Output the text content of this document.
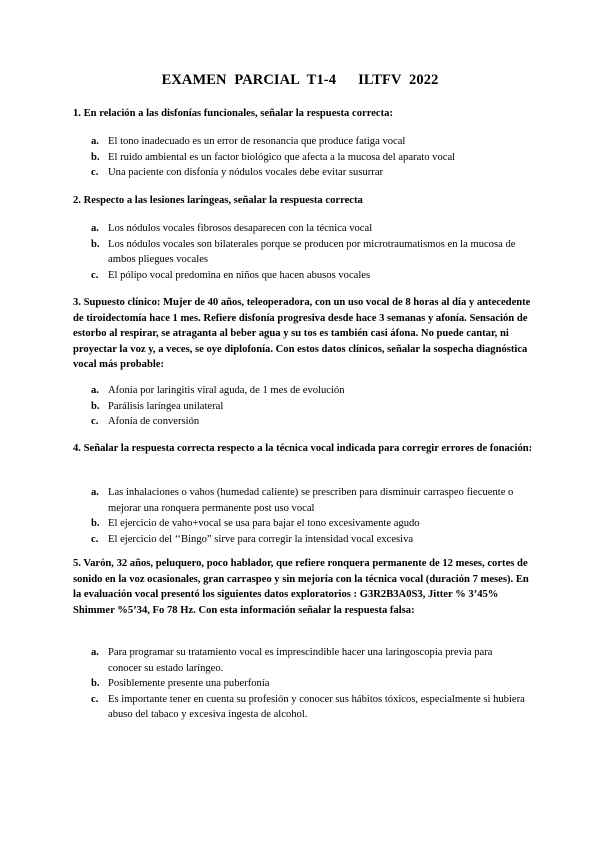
EXAMEN PARCIAL T1-4 ILTFV 2022
1. En relación a las disfonías funcionales, señalar la respuesta correcta:
a. El tono inadecuado es un error de resonancia que produce fatiga vocal
b. El ruido ambiental es un factor biológico que afecta a la mucosa del aparato vocal
c. Una paciente con disfonía y nódulos vocales debe evitar susurrar
2. Respecto a las lesiones laríngeas, señalar la respuesta correcta
a. Los nódulos vocales fibrosos desaparecen con la técnica vocal
b. Los nódulos vocales son bilaterales porque se producen por microtraumatismos en la mucosa de ambos pliegues vocales
c. El pólipo vocal predomina en niños que hacen abusos vocales
3. Supuesto clínico: Mujer de 40 años, teleoperadora, con un uso vocal de 8 horas al día y antecedente de tiroidectomía hace 1 mes. Refiere disfonía progresiva desde hace 3 semanas y afonía. Sensación de estorbo al respirar, se atraganta al beber agua y su tos es también casi áfona. No puede cantar, ni proyectar la voz y, a veces, se oye diplofonía. Con estos datos clínicos, señalar la sospecha diagnóstica vocal más probable:
a. Afonía por laringitis viral aguda, de 1 mes de evolución
b. Parálisis laríngea unilateral
c. Afonía de conversión
4. Señalar la respuesta correcta respecto a la técnica vocal indicada para corregir errores de fonación:
a. Las inhalaciones o vahos (humedad caliente) se prescriben para disminuir carraspeo fiecuente o mejorar una ronquera permanente post uso vocal
b. El ejercicio de vaho+vocal se usa para bajar el tono excesivamente agudo
c. El ejercicio del ‘‘Bingo” sirve para corregir la intensidad vocal excesiva
5. Varón, 32 años, peluquero, poco hablador, que refiere ronquera permanente de 12 meses, cortes de sonido en la voz ocasionales, gran carraspeo y sin mejoría con la técnica vocal (duración 7 meses). En la evaluación vocal presentó los siguientes datos exploratorios : G3R2B3A0S3, Jitter % 3’45% Shimmer %5’34, Fo 78 Hz. Con esta información señalar la respuesta falsa:
a. Para programar su tratamiento vocal es imprescindible hacer una laringoscopia previa para conocer su estado laríngeo.
b. Posiblemente presente una puberfonía
c. Es importante tener en cuenta su profesión y conocer sus hábitos tóxicos, especialmente si hubiera abuso del tabaco y excesiva ingesta de alcohol.
